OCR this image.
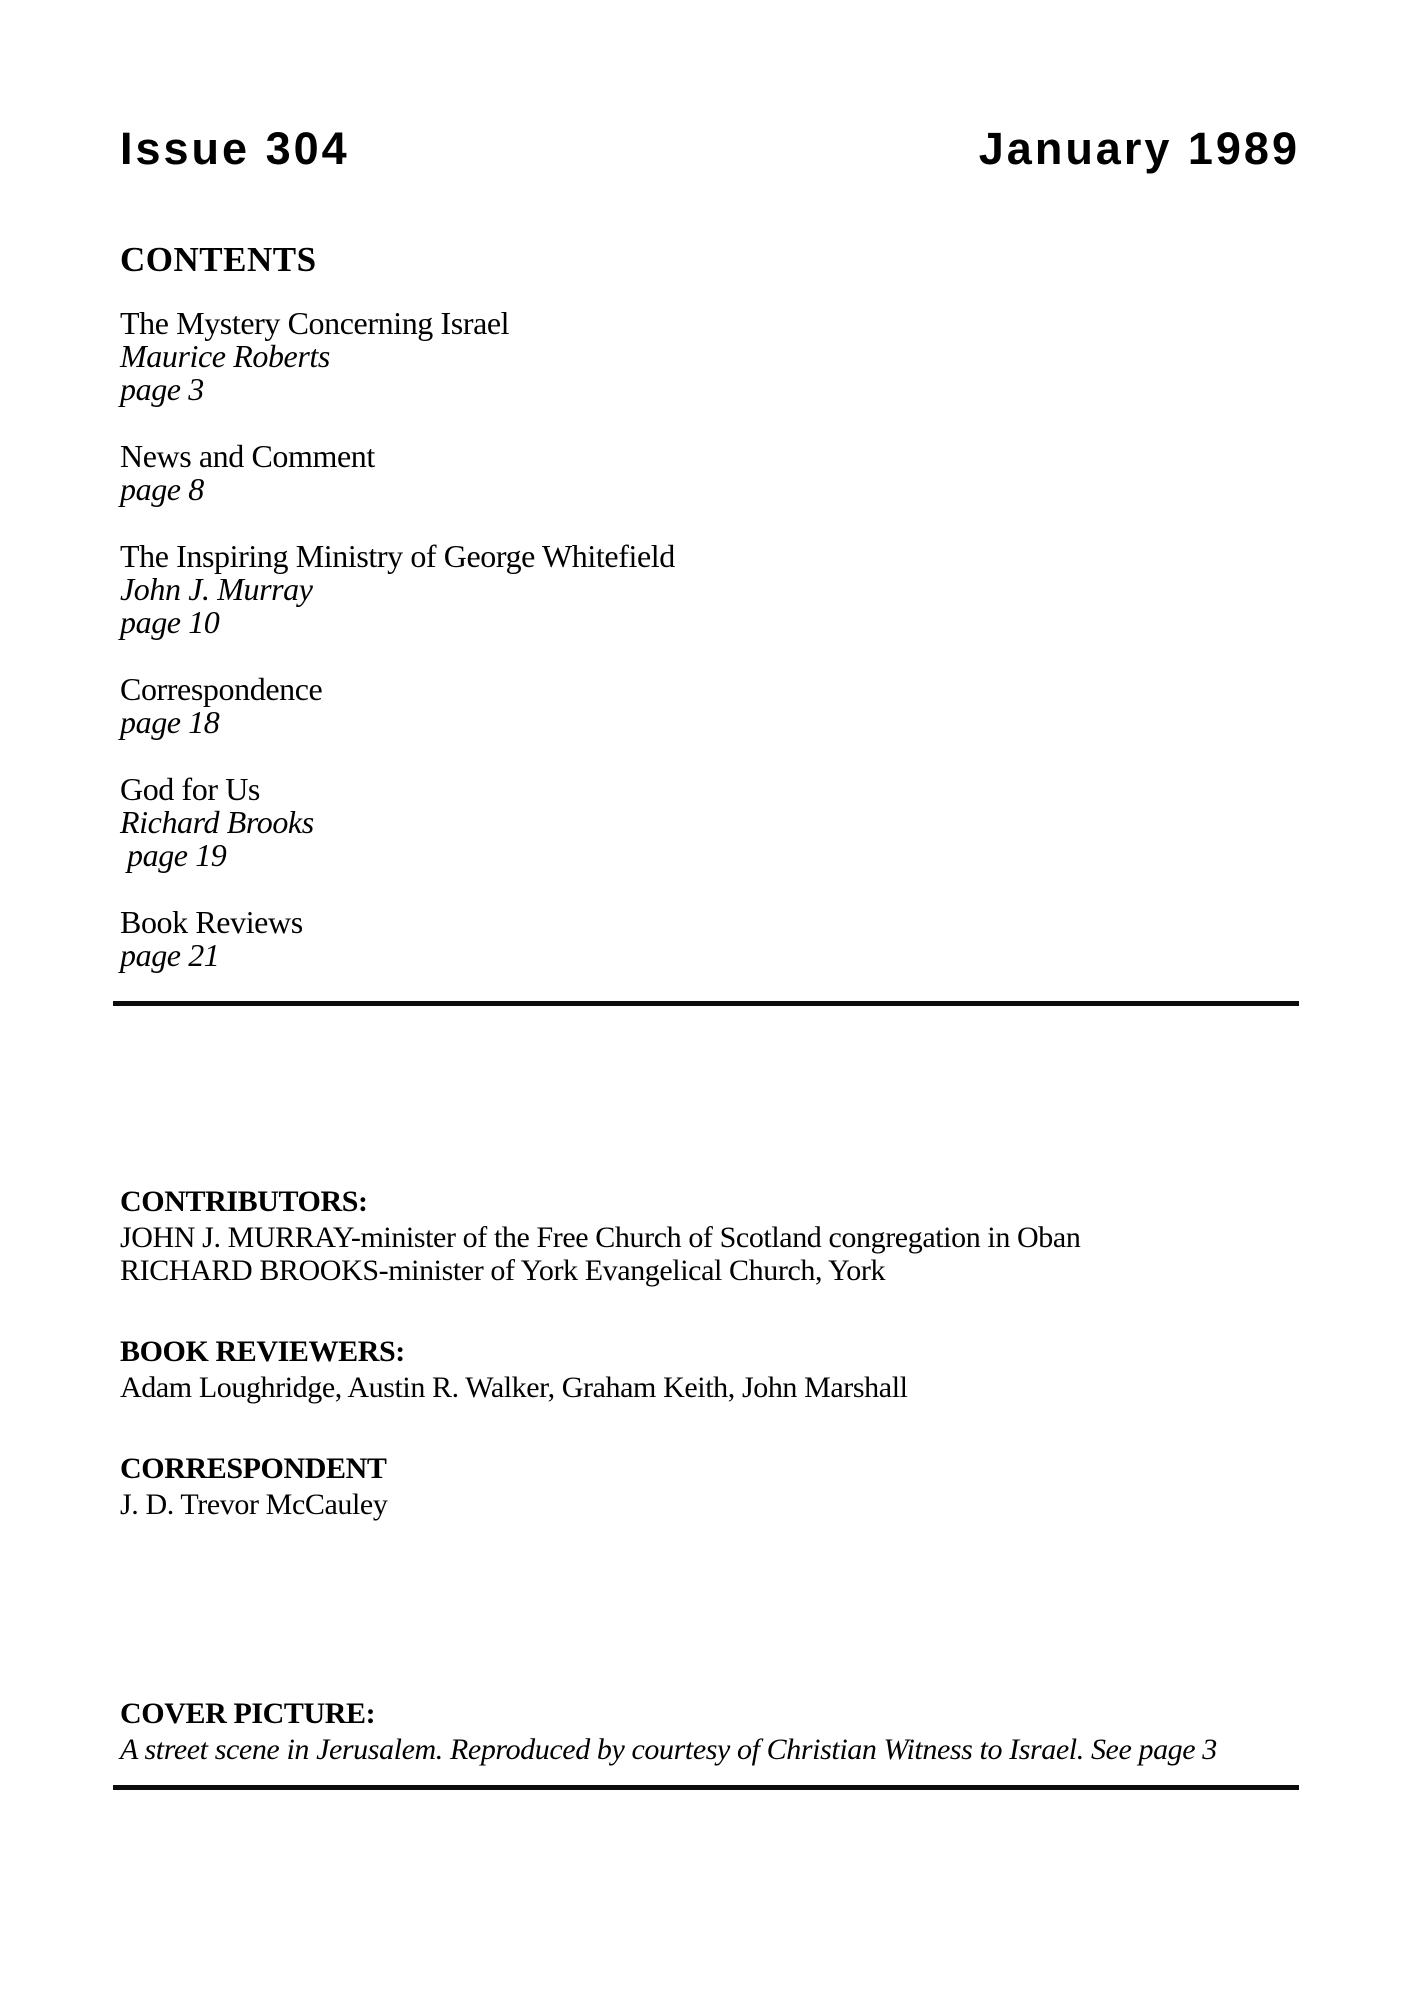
Issue 304	January 1989
CONTENTS
The Mystery Concerning Israel
Maurice Roberts
page 3
News and Comment
page 8
The Inspiring Ministry of George Whitefield
John J. Murray
page 10
Correspondence
page 18
God for Us
Richard Brooks
page 19
Book Reviews
page 21

CONTRIBUTORS:

JOHN J. MURRAY-minister of the Free Church of Scotland congregation in Oban

RICHARD BROOKS-minister of York Evangelical Church, York

BOOK REVIEWERS:

Adam Loughridge, Austin R. Walker, Graham Keith, John Marshall

CORRESPONDENT

J. D. Trevor McCauley

COVER PICTURE:

A street scene in Jerusalem. Reproduced by courtesy of Christian Witness to Israel. See page 3
